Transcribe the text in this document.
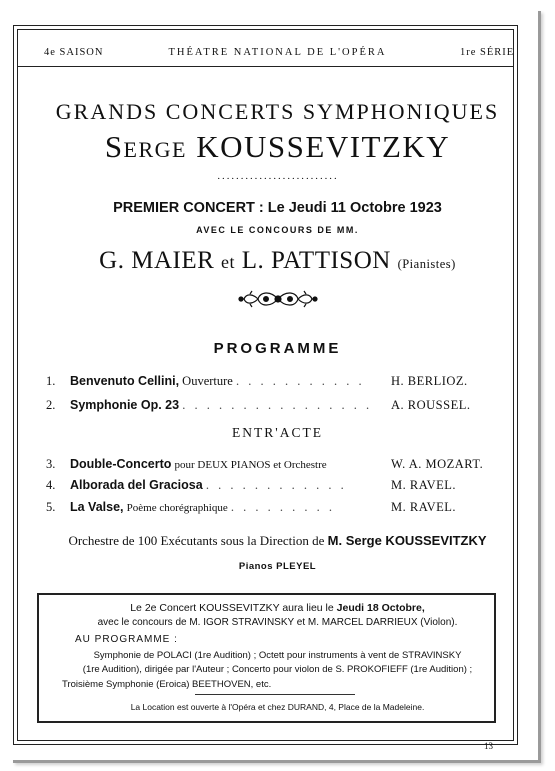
4e SAISON	THÉATRE NATIONAL DE L'OPÉRA	1re SÉRIE
GRANDS CONCERTS SYMPHONIQUES
Serge KOUSSEVITZKY
··························
PREMIER CONCERT : Le Jeudi 11 Octobre 1923
AVEC LE CONCOURS DE MM.
G. MAIER et L. PATTISON (Pianistes)
PROGRAMME
1. Benvenuto Cellini, Ouverture . . . . . . . . . . . H. BERLIOZ.
2. Symphonie Op. 23 . . . . . . . . . . . . . . . . A. ROUSSEL.
ENTR'ACTE
3. Double-Concerto pour DEUX PIANOS et Orchestre	W. A. MOZART.
4. Alborada del Graciosa . . . . . . . . . . . .	M. RAVEL.
5. La Valse, Poème chorégraphique . . . . . . . . .	M. RAVEL.
Orchestre de 100 Exécutants sous la Direction de M. Serge KOUSSEVITZKY
Pianos PLEYEL
Le 2e Concert KOUSSEVITZKY aura lieu le Jeudi 18 Octobre,
avec le concours de M. IGOR STRAVINSKY et M. MARCEL DARRIEUX (Violon).
AU PROGRAMME :
Symphonie de POLACI (1re Audition) ; Octett pour instruments à vent de STRAVINSKY
(1re Audition), dirigée par l'Auteur ; Concerto pour violon de S. PROKOFIEFF (1re Audition) ;
Troisième Symphonie (Eroica) BEETHOVEN, etc.
La Location est ouverte à l'Opéra et chez DURAND, 4, Place de la Madeleine.
13
